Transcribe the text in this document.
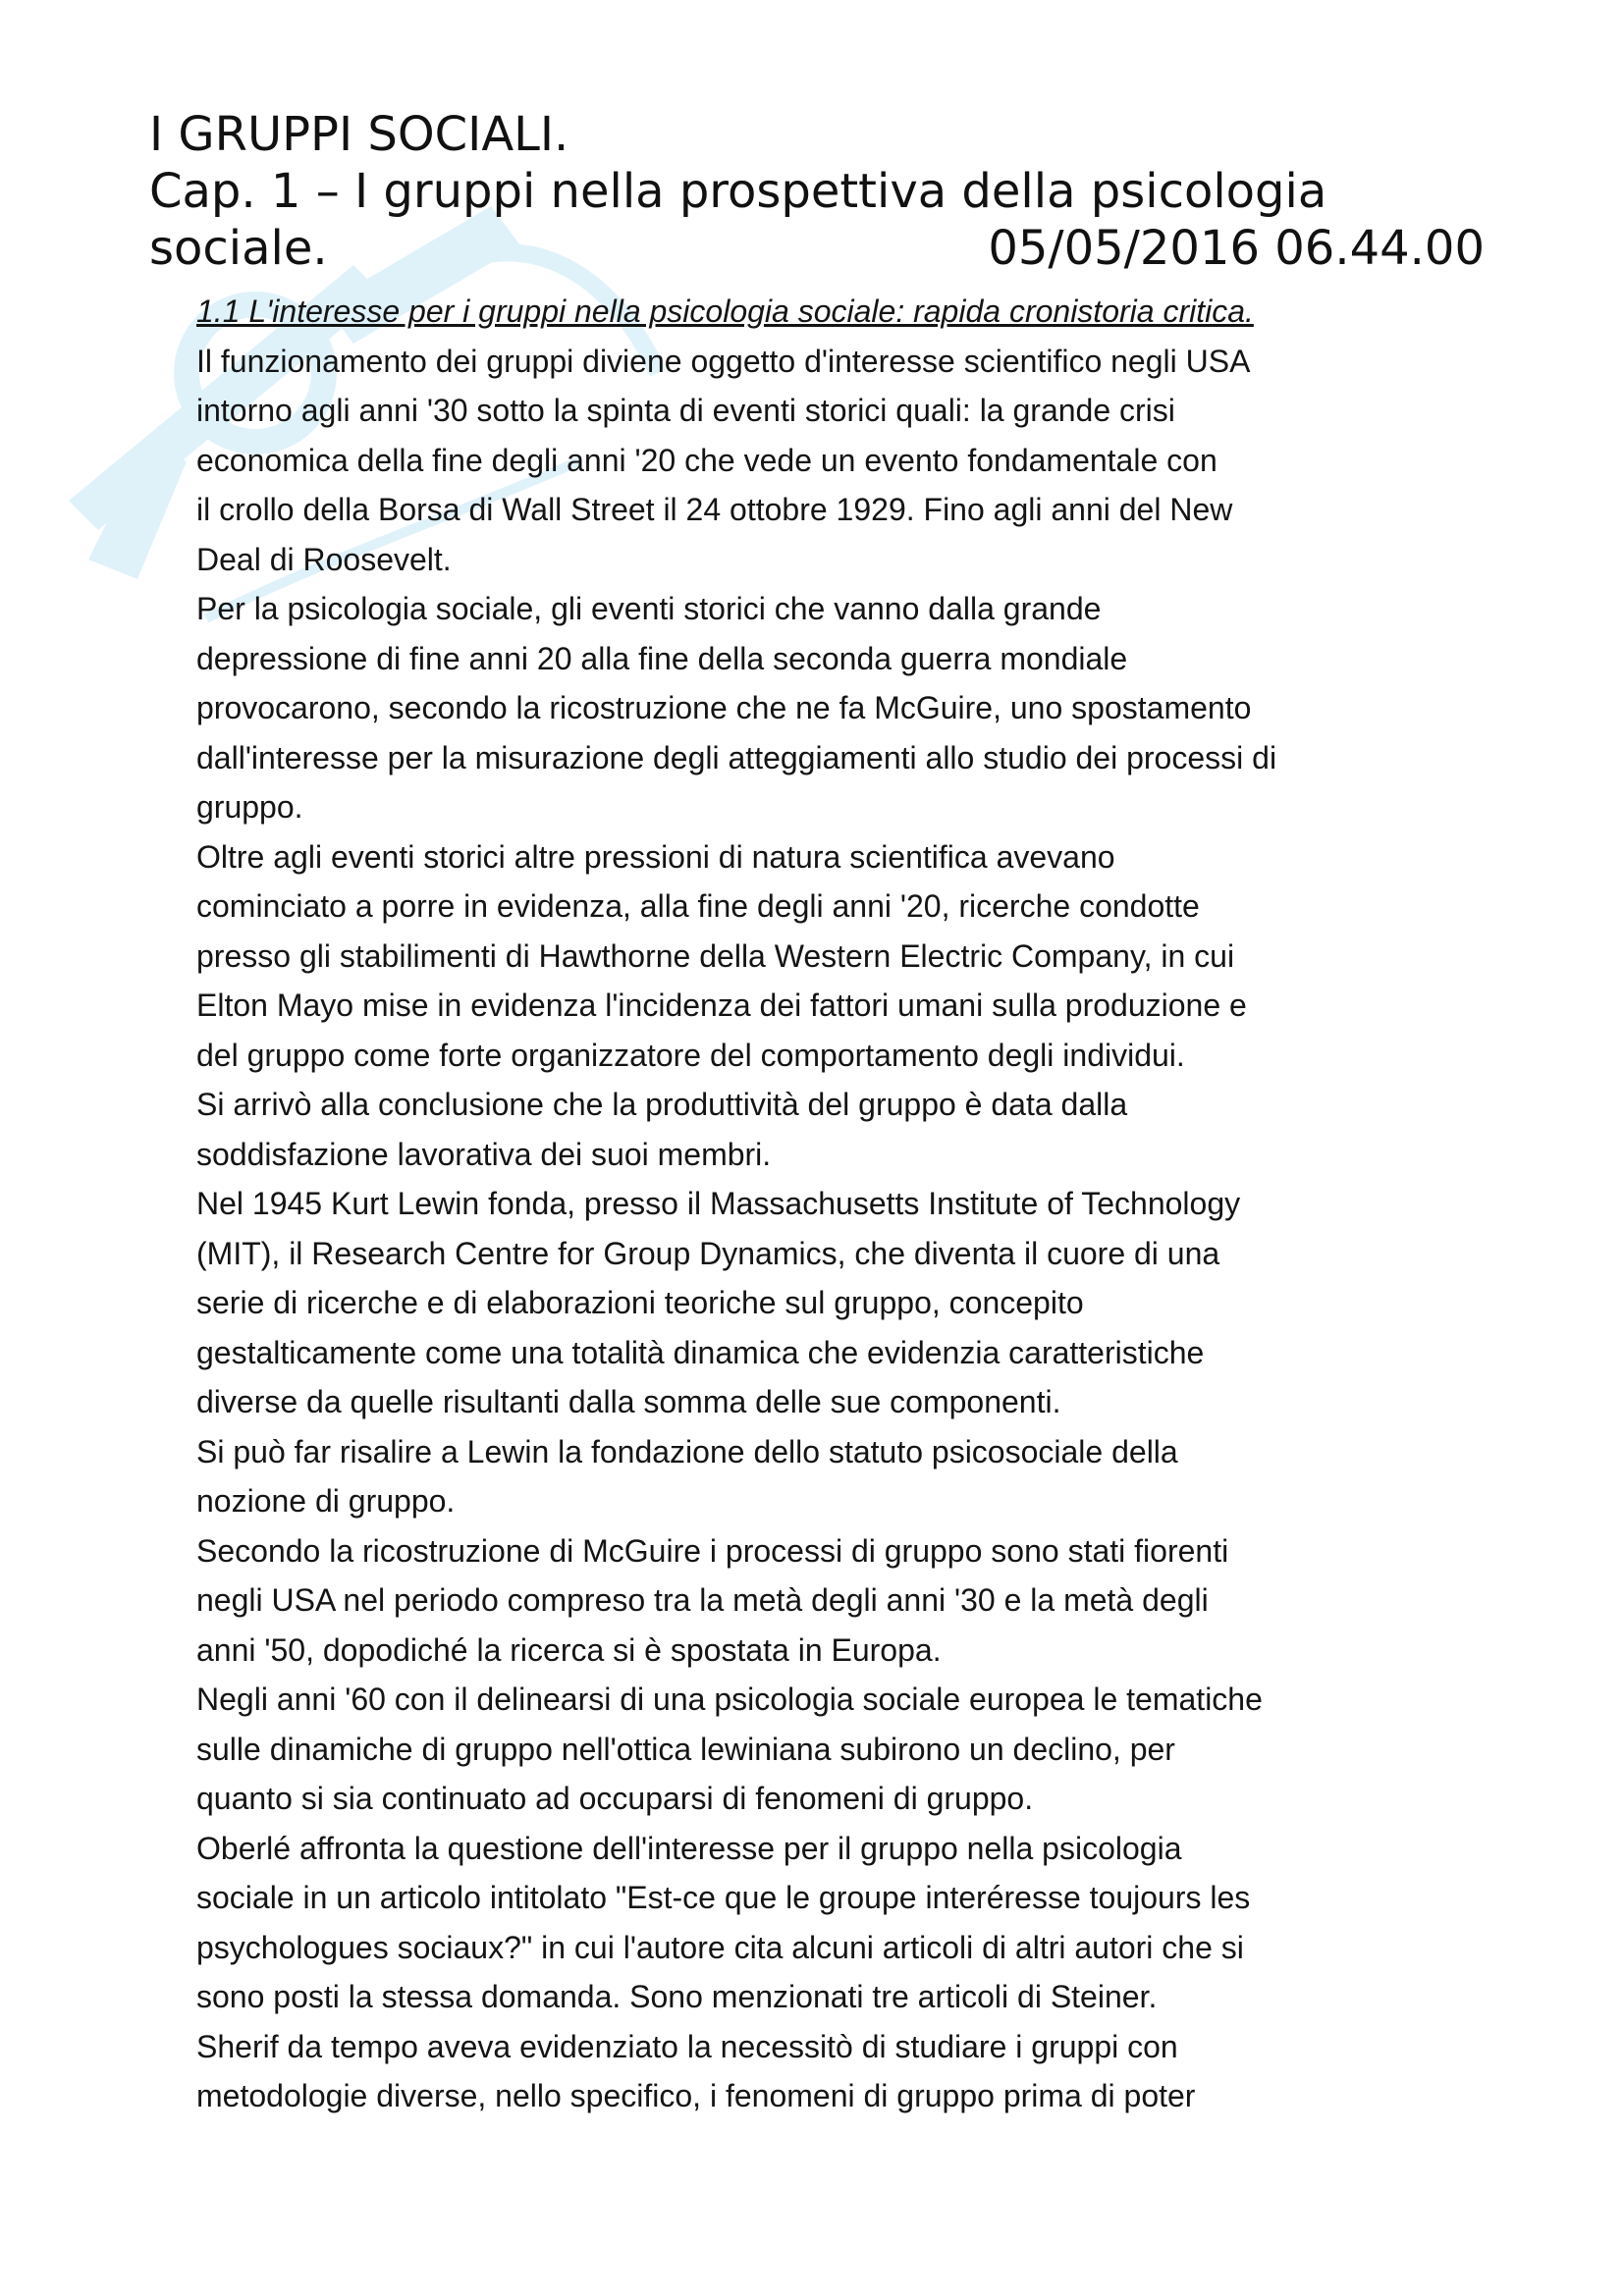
I GRUPPI SOCIALI.
Cap. 1 – I gruppi nella prospettiva della psicologia
sociale.	05/05/2016 06.44.00

1.1 L'interesse per i gruppi nella psicologia sociale: rapida cronistoria critica.

Il funzionamento dei gruppi diviene oggetto d'interesse scientifico negli USA

intorno agli anni '30 sotto la spinta di eventi storici quali: la grande crisi

economica della fine degli anni '20 che vede un evento fondamentale con

il crollo della Borsa di Wall Street il 24 ottobre 1929. Fino agli anni del New

Deal di Roosevelt.

Per la psicologia sociale, gli eventi storici che vanno dalla grande

depressione di fine anni 20 alla fine della seconda guerra mondiale

provocarono, secondo la ricostruzione che ne fa McGuire, uno spostamento

dall'interesse per la misurazione degli atteggiamenti allo studio dei processi di

gruppo.

Oltre agli eventi storici altre pressioni di natura scientifica avevano

cominciato a porre in evidenza, alla fine degli anni '20, ricerche condotte

presso gli stabilimenti di Hawthorne della Western Electric Company, in cui

Elton Mayo mise in evidenza l'incidenza dei fattori umani sulla produzione e

del gruppo come forte organizzatore del comportamento degli individui.

Si arrivò alla conclusione che la produttività del gruppo è data dalla

soddisfazione lavorativa dei suoi membri.

Nel 1945 Kurt Lewin fonda, presso il Massachusetts Institute of Technology

(MIT), il Research Centre for Group Dynamics, che diventa il cuore di una

serie di ricerche e di elaborazioni teoriche sul gruppo, concepito

gestalticamente come una totalità dinamica che evidenzia caratteristiche

diverse da quelle risultanti dalla somma delle sue componenti.

Si può far risalire a Lewin la fondazione dello statuto psicosociale della

nozione di gruppo.

Secondo la ricostruzione di McGuire i processi di gruppo sono stati fiorenti

negli USA nel periodo compreso tra la metà degli anni '30 e la metà degli

anni '50, dopodiché la ricerca si è spostata in Europa.

Negli anni '60 con il delinearsi di una psicologia sociale europea le tematiche

sulle dinamiche di gruppo nell'ottica lewiniana subirono un declino, per

quanto si sia continuato ad occuparsi di fenomeni di gruppo.

Oberlé affronta la questione dell'interesse per il gruppo nella psicologia

sociale in un articolo intitolato "Est-ce que le groupe interéresse toujours les

psychologues sociaux?" in cui l'autore cita alcuni articoli di altri autori che si

sono posti la stessa domanda. Sono menzionati tre articoli di Steiner.

Sherif da tempo aveva evidenziato la necessitò di studiare i gruppi con

metodologie diverse, nello specifico, i fenomeni di gruppo prima di poter
